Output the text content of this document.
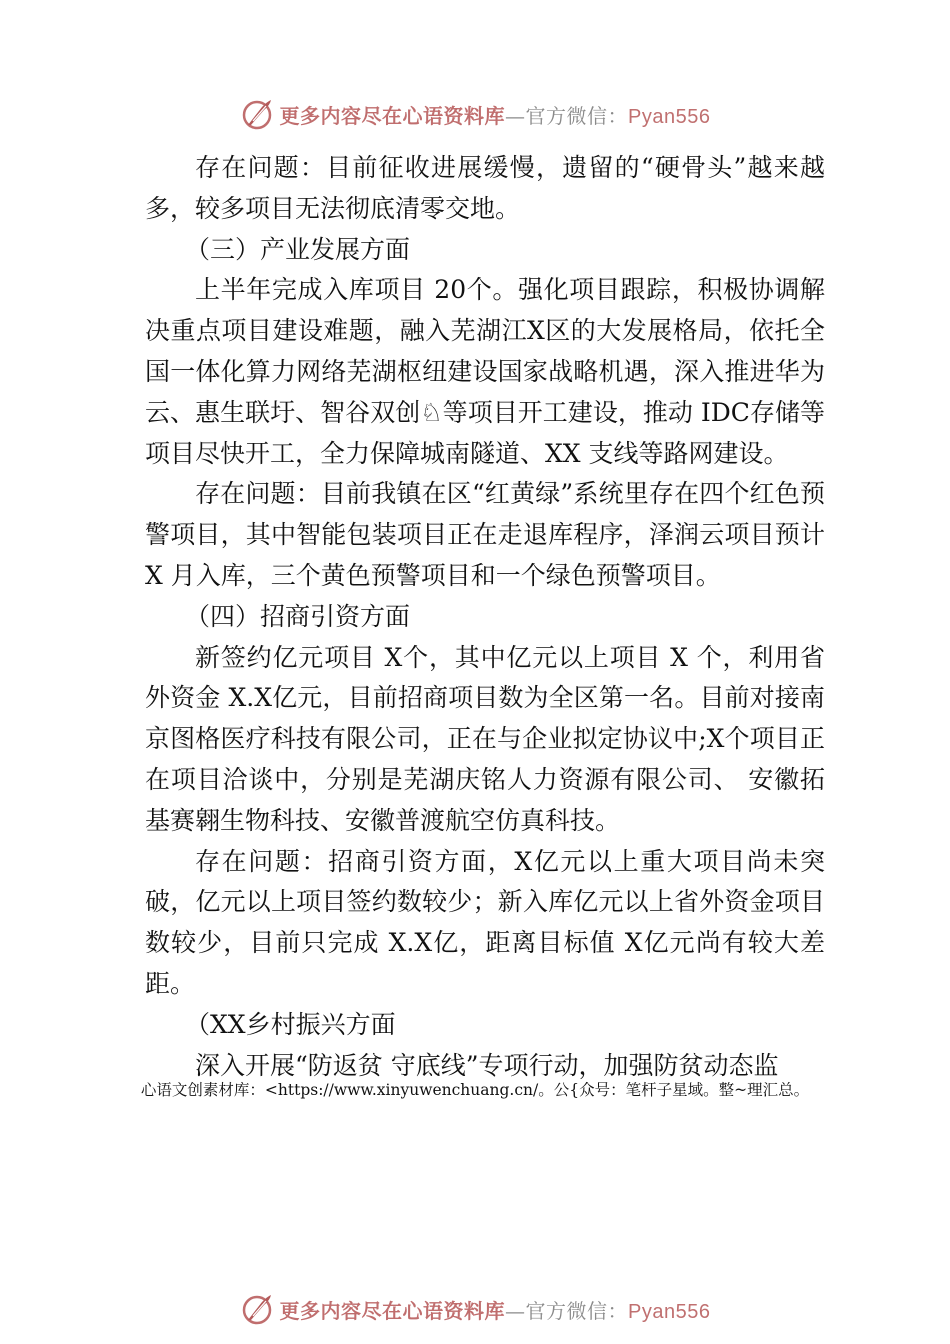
更多内容尽在心语资料库—官方微信：Pyan556

存在问题：目前征收进展缓慢，遗留的“硬骨头”越来越多，较多项目无法彻底清零交地。

（三）产业发展方面

上半年完成入库项目 20个。强化项目跟踪，积极协调解决重点项目建设难题，融入芜湖江X区的大发展格局，依托全国一体化算力网络芜湖枢纽建设国家战略机遇，深入推进华为云、惠生联圩、智谷双创♘等项目开工建设，推动 IDC存储等项目尽快开工，全力保障城南隧道、XX 支线等路网建设。

存在问题：目前我镇在区“红黄绿”系统里存在四个红色预警项目，其中智能包装项目正在走退库程序，泽润云项目预计 X 月入库，三个黄色预警项目和一个绿色预警项目。

（四）招商引资方面

新签约亿元项目 X个，其中亿元以上项目 X 个，利用省外资金 X.X亿元，目前招商项目数为全区第一名。目前对接南京图格医疗科技有限公司，正在与企业拟定协议中;X个项目正在项目洽谈中，分别是芜湖庆铭人力资源有限公司、 安徽拓基赛翱生物科技、安徽普渡航空仿真科技。

存在问题：招商引资方面，X亿元以上重大项目尚未突破，亿元以上项目签约数较少；新入库亿元以上省外资金项目数较少，目前只完成 X.X亿，距离目标值 X亿元尚有较大差距。

（XX乡村振兴方面

深入开展“防返贫 守底线”专项行动，加强防贫动态监

心语文创素材库：<https://www.xinyuwenchuang.cn/。公{众号：笔杆子星域。整~理汇总。
更多内容尽在心语资料库—官方微信：Pyan556
